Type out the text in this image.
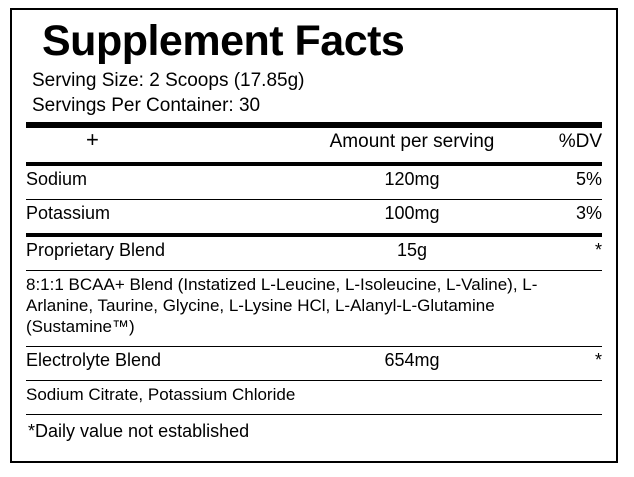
Supplement Facts
Serving Size: 2 Scoops (17.85g)
Servings Per Container: 30
+	Amount per serving	%DV

Sodium	120mg	5%

Potassium	100mg	3%

Proprietary Blend	15g	*

8:1:1 BCAA+ Blend (Instatized L-Leucine, L-Isoleucine, L-Valine), L-Arlanine, Taurine, Glycine, L-Lysine HCl, L-Alanyl-L-Glutamine (Sustamine™)		

Electrolyte Blend	654mg	*

Sodium Citrate, Potassium Chloride		

*Daily value not established
